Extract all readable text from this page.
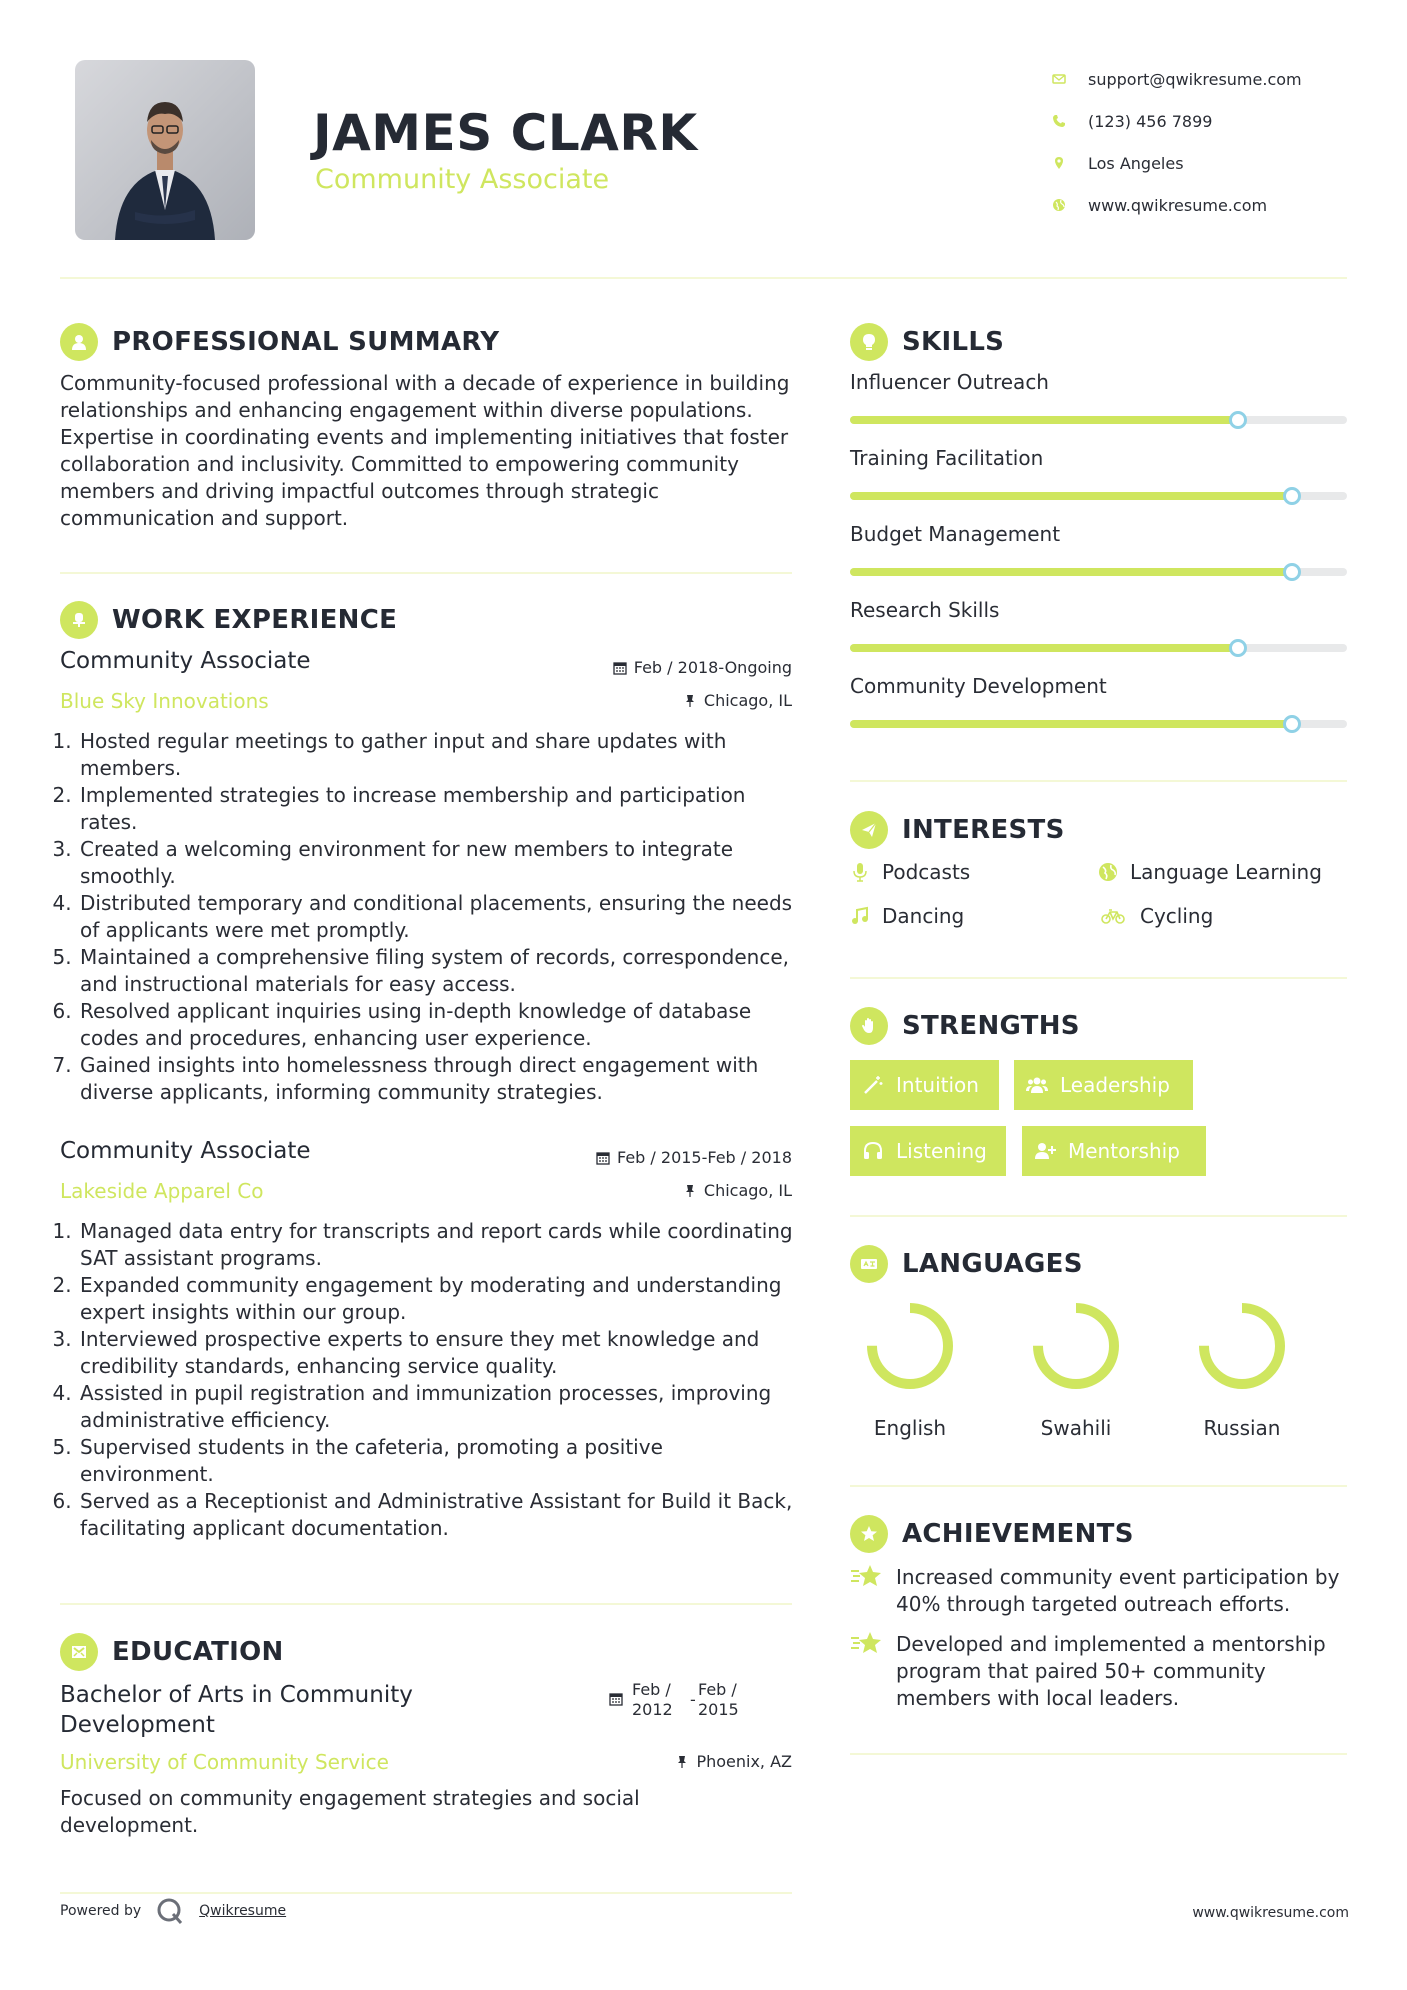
JAMES CLARK
Community Associate
support@qwikresume.com
(123) 456 7899
Los Angeles
www.qwikresume.com
PROFESSIONAL SUMMARY
Community-focused professional with a decade of experience in building relationships and enhancing engagement within diverse populations. Expertise in coordinating events and implementing initiatives that foster collaboration and inclusivity. Committed to empowering community members and driving impactful outcomes through strategic communication and support.
WORK EXPERIENCE
Community Associate	Feb / 2018-Ongoing
Blue Sky Innovations	Chicago, IL
1. Hosted regular meetings to gather input and share updates with members.
2. Implemented strategies to increase membership and participation rates.
3. Created a welcoming environment for new members to integrate smoothly.
4. Distributed temporary and conditional placements, ensuring the needs of applicants were met promptly.
5. Maintained a comprehensive filing system of records, correspondence, and instructional materials for easy access.
6. Resolved applicant inquiries using in-depth knowledge of database codes and procedures, enhancing user experience.
7. Gained insights into homelessness through direct engagement with diverse applicants, informing community strategies.
Community Associate	Feb / 2015-Feb / 2018
Lakeside Apparel Co	Chicago, IL
1. Managed data entry for transcripts and report cards while coordinating SAT assistant programs.
2. Expanded community engagement by moderating and understanding expert insights within our group.
3. Interviewed prospective experts to ensure they met knowledge and credibility standards, enhancing service quality.
4. Assisted in pupil registration and immunization processes, improving administrative efficiency.
5. Supervised students in the cafeteria, promoting a positive environment.
6. Served as a Receptionist and Administrative Assistant for Build it Back, facilitating applicant documentation.
EDUCATION
Bachelor of Arts in Community Development
Feb /
2012
-
Feb /
2015
University of Community Service	Phoenix, AZ
Focused on community engagement strategies and social development.
SKILLS
Influencer Outreach
Training Facilitation
Budget Management
Research Skills
Community Development
INTERESTS
Podcasts	Language Learning
Dancing	Cycling
STRENGTHS
Intuition	Leadership
Listening	Mentorship
LANGUAGES
English	Swahili	Russian
ACHIEVEMENTS
Increased community event participation by 40% through targeted outreach efforts.
Developed and implemented a mentorship program that paired 50+ community members with local leaders.
Powered by	Qwikresume	www.qwikresume.com
